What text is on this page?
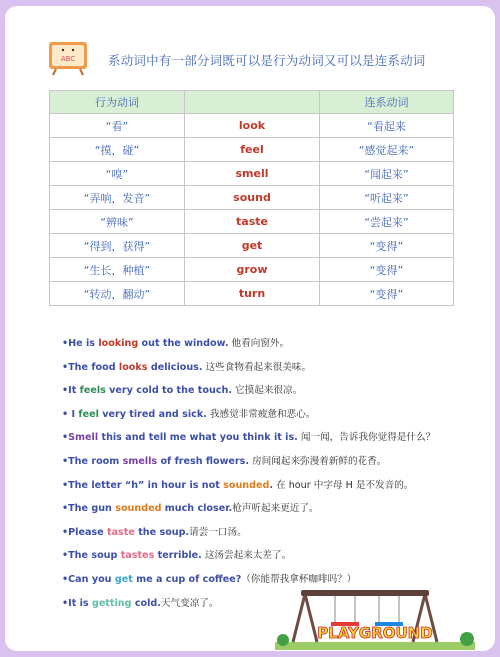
ABC	系动词中有一部分词既可以是行为动词又可以是连系动词
行为动词		连系动词
“看”	look	“看起来
“摸，碰”	feel	“感觉起来”
“嗅”	smell	“闻起来”
“弄响，发音”	sound	“听起来”
“辨味”	taste	“尝起来”
“得到，获得”	get	“变得”
“生长，种植”	grow	“变得”
“转动，翻动”	turn	“变得”
•He is looking out the window. 他看向窗外。
•The food looks delicious. 这些食物看起来很美味。
•It feels very cold to the touch. 它摸起来很凉。
• I feel very tired and sick. 我感觉非常疲惫和恶心。
•Smell this and tell me what you think it is. 闻一闻，告诉我你觉得是什么？
•The room smells of fresh flowers. 房间闻起来弥漫着新鲜的花香。
•The letter “h” in hour is not sounded. 在 hour 中字母 H 是不发音的。
•The gun sounded much closer.枪声听起来更近了。
•Please taste the soup.请尝一口汤。
•The soup tastes terrible. 这汤尝起来太差了。
•Can you get me a cup of coffee?（你能帮我拿杯咖啡吗？）
•It is getting cold.天气变凉了。
PLAYGROUND
